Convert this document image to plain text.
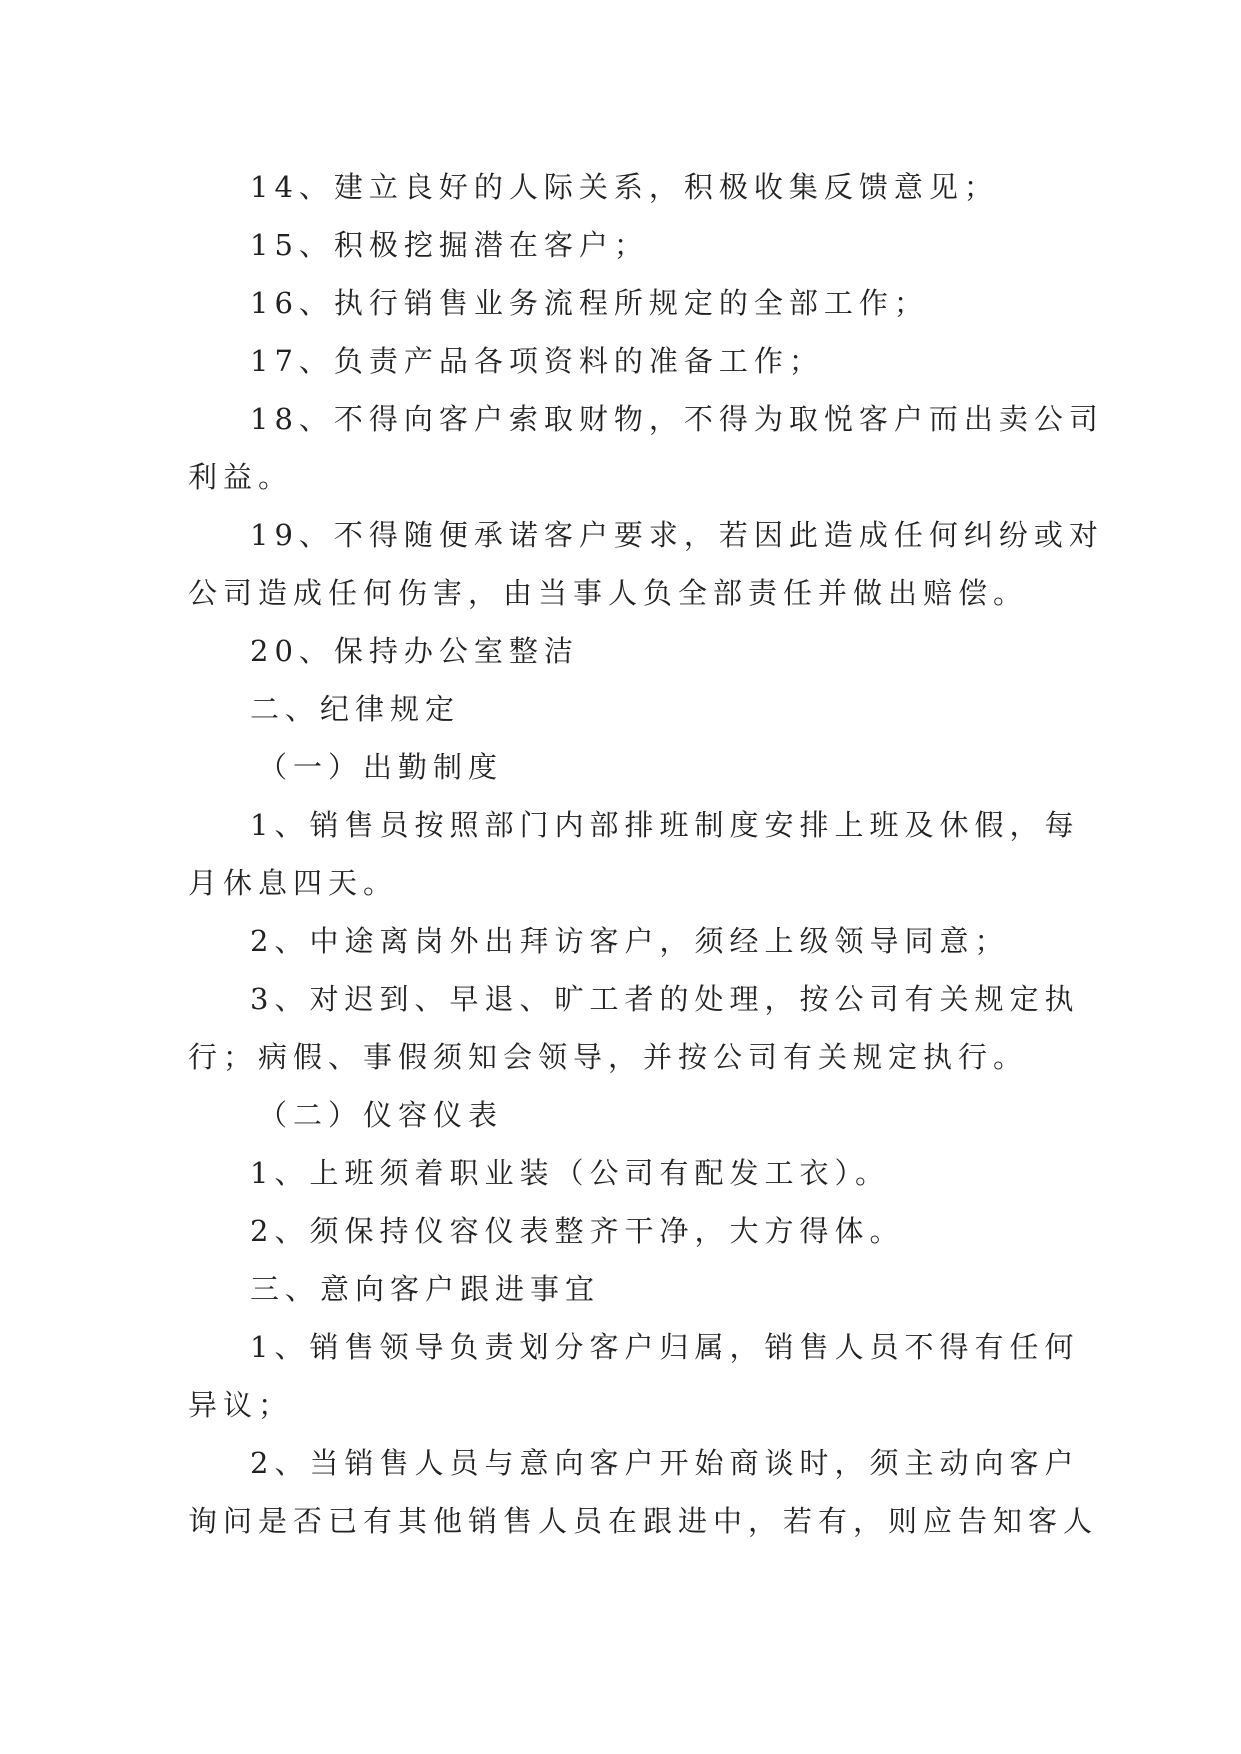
14、建立良好的人际关系，积极收集反馈意见；
15、积极挖掘潜在客户；
16、执行销售业务流程所规定的全部工作；
17、负责产品各项资料的准备工作；
18、不得向客户索取财物，不得为取悦客户而出卖公司
利益。
19、不得随便承诺客户要求，若因此造成任何纠纷或对
公司造成任何伤害，由当事人负全部责任并做出赔偿。
20、保持办公室整洁
二、纪律规定
（一）出勤制度
1、销售员按照部门内部排班制度安排上班及休假，每
月休息四天。
2、中途离岗外出拜访客户，须经上级领导同意；
3、对迟到、早退、旷工者的处理，按公司有关规定执
行；病假、事假须知会领导，并按公司有关规定执行。
（二）仪容仪表
1、上班须着职业装（公司有配发工衣）。
2、须保持仪容仪表整齐干净，大方得体。
三、意向客户跟进事宜
1、销售领导负责划分客户归属，销售人员不得有任何
异议；
2、当销售人员与意向客户开始商谈时，须主动向客户
询问是否已有其他销售人员在跟进中，若有，则应告知客人
